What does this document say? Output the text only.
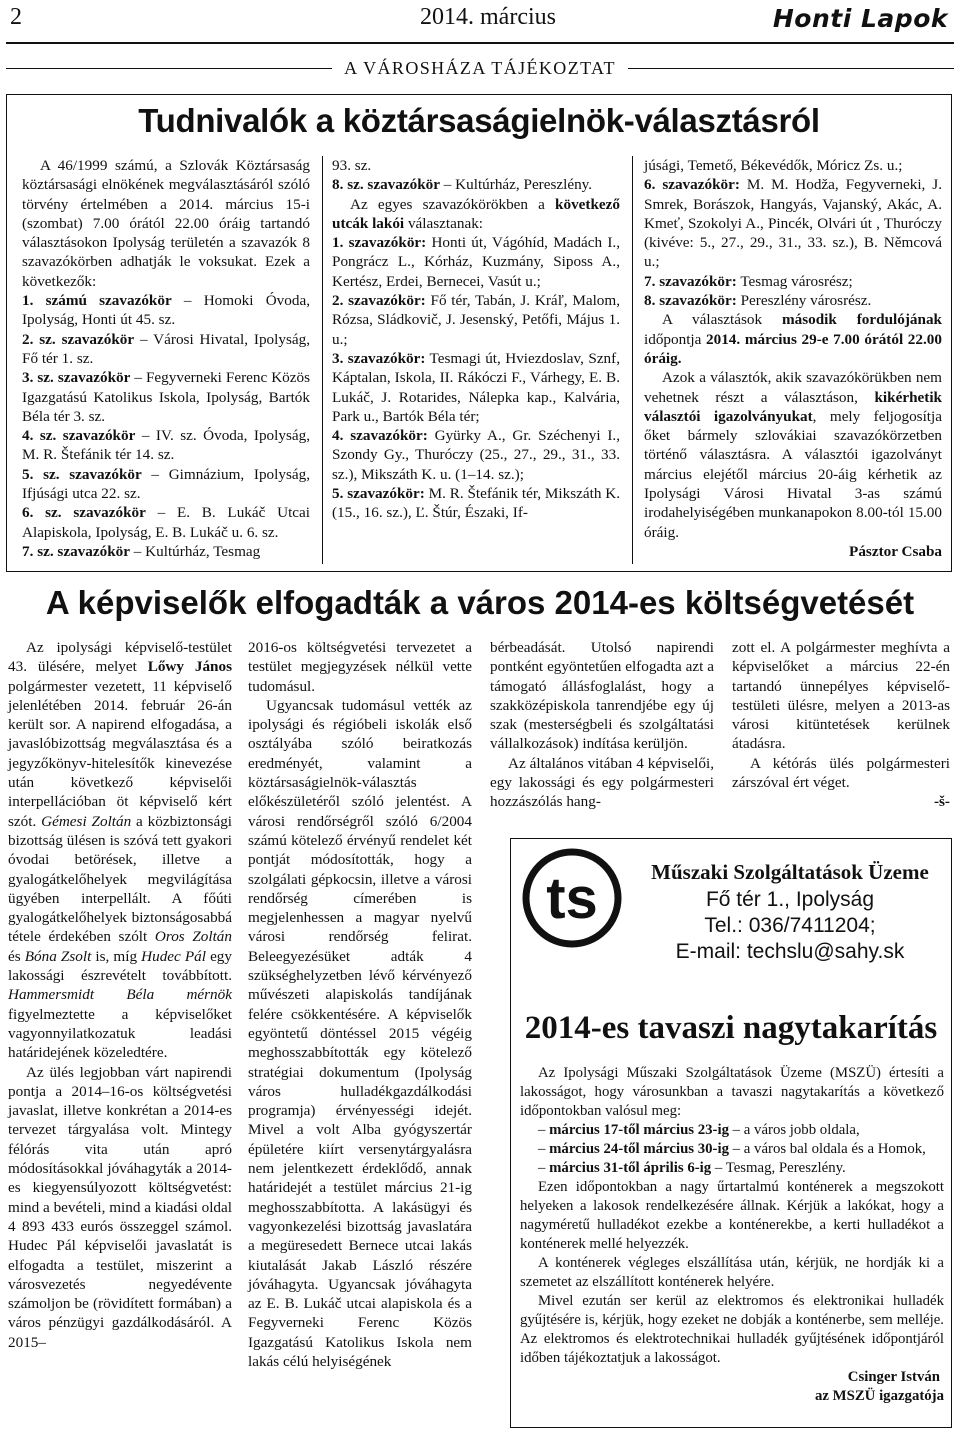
2	2014. március	Honti Lapok
A VÁROSHÁZA TÁJÉKOZTAT
Tudnivalók a köztársaságielnök-választásról

A 46/1999 számú, a Szlovák Köztársaság köztársasági elnökének megválasztásáról szóló törvény értelmében a 2014. március 15-i (szombat) 7.00 órától 22.00 óráig tartandó választásokon Ipolyság területén a szavazók 8 szavazókörben adhatják le voksukat. Ezek a következők:

1. számú szavazókör – Homoki Óvoda, Ipolyság, Honti út 45. sz.

2. sz. szavazókör – Városi Hivatal, Ipolyság, Fő tér 1. sz.

3. sz. szavazókör – Fegyverneki Ferenc Közös Igazgatású Katolikus Iskola, Ipolyság, Bartók Béla tér 3. sz.

4. sz. szavazókör – IV. sz. Óvoda, Ipolyság, M. R. Štefánik tér 14. sz.

5. sz. szavazókör – Gimnázium, Ipolyság, Ifjúsági utca 22. sz.

6. sz. szavazókör – E. B. Lukáč Utcai Alapiskola, Ipolyság, E. B. Lukáč u. 6. sz.

7. sz. szavazókör – Kultúrház, Tesmag

93. sz.

8. sz. szavazókör – Kultúrház, Pereszlény.

Az egyes szavazókörökben a következő utcák lakói választanak:

1. szavazókör: Honti út, Vágóhíd, Madách I., Pongrácz L., Kórház, Kuzmány, Siposs A., Kertész, Erdei, Bernecei, Vasút u.;

2. szavazókör: Fő tér, Tabán, J. Kráľ, Malom, Rózsa, Sládkovič, J. Jesenský, Petőfi, Május 1. u.;

3. szavazókör: Tesmagi út, Hviezdoslav, Sznf, Káptalan, Iskola, II. Rákóczi F., Várhegy, E. B. Lukáč, J. Rotarides, Nálepka kap., Kalvária, Park u., Bartók Béla tér;

4. szavazókör: Gyürky A., Gr. Széchenyi I., Szondy Gy., Thuróczy (25., 27., 29., 31., 33. sz.), Mikszáth K. u. (1–14. sz.);

5. szavazókör: M. R. Štefánik tér, Mikszáth K. (15., 16. sz.), Ľ. Štúr, Északi, If-

júsági, Temető, Békevédők, Móricz Zs. u.;

6. szavazókör: M. M. Hodža, Fegyverneki, J. Smrek, Borászok, Hangyás, Vajanský, Akác, A. Kmeť, Szokolyi A., Pincék, Olvári út , Thuróczy (kivéve: 5., 27., 29., 31., 33. sz.), B. Němcová u.;

7. szavazókör: Tesmag városrész;

8. szavazókör: Pereszlény városrész.

A választások második fordulójának időpontja 2014. március 29-e 7.00 órától 22.00 óráig.

Azok a választók, akik szavazókörükben nem vehetnek részt a választáson, kikérhetik választói igazolványukat, mely feljogosítja őket bármely szlovákiai szavazókörzetben történő választásra. A választói igazolványt március elejétől március 20-áig kérhetik az Ipolysági Városi Hivatal 3-as számú irodahelyiségében munkanapokon 8.00-tól 15.00 óráig.

Pásztor Csaba

A képviselők elfogadták a város 2014-es költségvetését

Az ipolysági képviselő-testület 43. ülésére, melyet Lőwy János polgármester vezetett, 11 képviselő jelenlétében 2014. február 26-án került sor. A napirend elfogadása, a javaslóbizottság megválasztása és a jegyzőkönyv-hitelesítők kinevezése után következő képviselői interpellációban öt képviselő kért szót. Gémesi Zoltán a közbiztonsági bizottság ülésen is szóvá tett gyakori óvodai betörések, illetve a gyalogátkelőhelyek megvilágítása ügyében interpellált. A főúti gyalogátkelőhelyek biztonságosabbá tétele érdekében szólt Oros Zoltán és Bóna Zsolt is, míg Hudec Pál egy lakossági észrevételt továbbított. Hammersmidt Béla mérnök figyelmeztette a képviselőket vagyonnyilatkozatuk leadási határidejének közeledtére.

Az ülés legjobban várt napirendi pontja a 2014–16-os költségvetési javaslat, illetve konkrétan a 2014-es tervezet tárgyalása volt. Mintegy félórás vita után apró módosításokkal jóváhagyták a 2014-es kiegyensúlyozott költségvetést: mind a bevételi, mind a kiadási oldal 4 893 433 eurós összeggel számol. Hudec Pál képviselői javaslatát is elfogadta a testület, miszerint a városvezetés negyedévente számoljon be (rövidített formában) a város pénzügyi gazdálkodásáról. A 2015–

2016-os költségvetési tervezetet a testület megjegyzések nélkül vette tudomásul.

Ugyancsak tudomásul vették az ipolysági és régióbeli iskolák első osztályába szóló beiratkozás eredményét, valamint a köztársaságielnök-választás előkészületéről szóló jelentést. A városi rendőrségről szóló 6/2004 számú kötelező érvényű rendelet két pontját módosították, hogy a szolgálati gépkocsin, illetve a városi rendőrség címerében is megjelenhessen a magyar nyelvű városi rendőrség felirat. Beleegyezésüket adták 4 szükséghelyzetben lévő kérvényező művészeti alapiskolás tandíjának felére csökkentésére. A képviselők egyöntetű döntéssel 2015 végéig meghosszabbították egy kötelező stratégiai dokumentum (Ipolyság város hulladékgazdálkodási programja) érvényességi idejét. Mivel a volt Alba gyógyszertár épületére kiírt versenytárgyalásra nem jelentkezett érdeklődő, annak határidejét a testület március 21-ig meghosszabbította. A lakásügyi és vagyonkezelési bizottság javaslatára a megüresedett Bernece utcai lakás kiutalását Jakab László részére jóváhagyta. Ugyancsak jóváhagyta az E. B. Lukáč utcai alapiskola és a Fegyverneki Ferenc Közös Igazgatású Katolikus Iskola nem lakás célú helyiségének

bérbeadását. Utolsó napirendi pontként egyöntetűen elfogadta azt a támogató állásfoglalást, hogy a szakközépiskola tanrendjébe egy új szak (mesterségbeli és szolgáltatási vállalkozások) indítása kerüljön.

Az általános vitában 4 képviselői, egy lakossági és egy polgármesteri hozzászólás hang-

zott el. A polgármester meghívta a képviselőket a március 22-én tartandó ünnepélyes képviselő-testületi ülésre, melyen a 2013-as városi kitüntetések kerülnek átadásra.

A kétórás ülés polgármesteri zárszóval ért véget.

-š-

ts	Műszaki Szolgáltatások Üzeme
Fő tér 1., Ipolyság
Tel.: 036/7411204;
E-mail: techslu@sahy.sk
2014-es tavaszi nagytakarítás

Az Ipolysági Műszaki Szolgáltatások Üzeme (MSZÜ) értesíti a lakosságot, hogy városunkban a tavaszi nagytakarítás a következő időpontokban valósul meg:

– március 17-től március 23-ig – a város jobb oldala,

– március 24-től március 30-ig – a város bal oldala és a Homok,

– március 31-től április 6-ig – Tesmag, Pereszlény.

Ezen időpontokban a nagy űrtartalmú konténerek a megszokott helyeken a lakosok rendelkezésére állnak. Kérjük a lakókat, hogy a nagyméretű hulladékot ezekbe a konténerekbe, a kerti hulladékot a konténerek mellé helyezzék.

A konténerek végleges elszállítása után, kérjük, ne hordják ki a szemetet az elszállított konténerek helyére.

Mivel ezután ser kerül az elektromos és elektronikai hulladék gyűjtésére is, kérjük, hogy ezeket ne dobják a konténerbe, sem melléje. Az elektromos és elektrotechnikai hulladék gyűjtésének időpontjáról időben tájékoztatjuk a lakosságot.

Csinger István

az MSZÜ igazgatója
